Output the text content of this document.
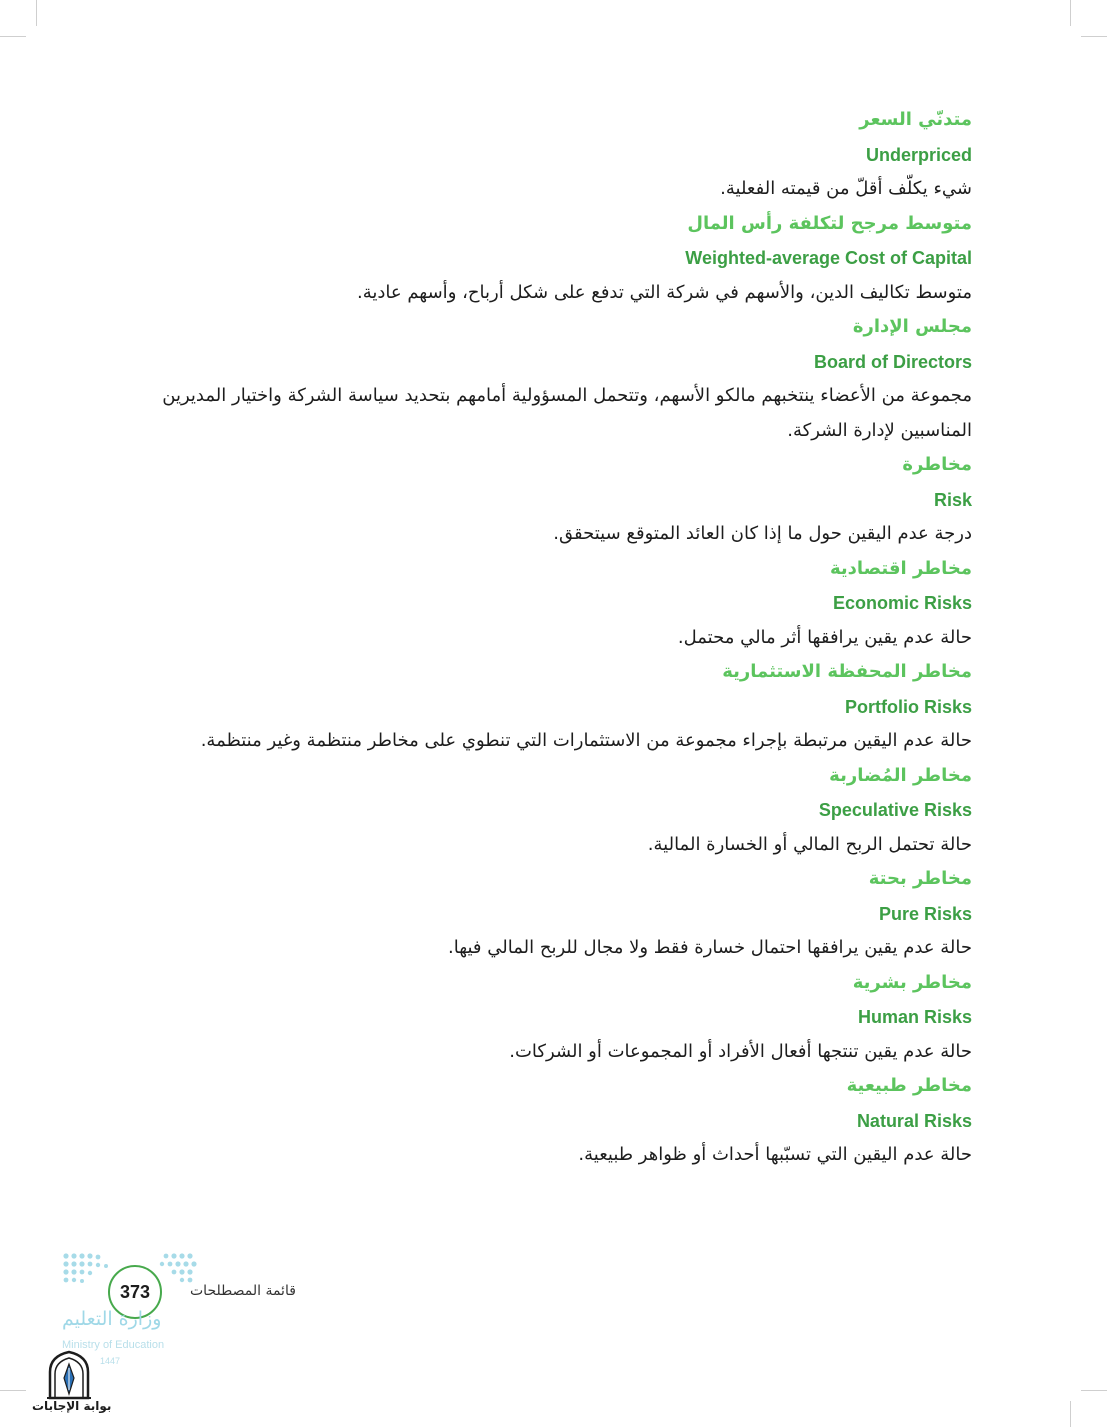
متدنّي السعر
Underpriced
شيء يكلّف أقلّ من قيمته الفعلية.
متوسط مرجح لتكلفة رأس المال
Weighted-average Cost of Capital
متوسط تكاليف الدين، والأسهم في شركة التي تدفع على شكل أرباح، وأسهم عادية.
مجلس الإدارة
Board of Directors
مجموعة من الأعضاء ينتخبهم مالكو الأسهم، وتتحمل المسؤولية أمامهم بتحديد سياسة الشركة واختيار المديرين المناسبين لإدارة الشركة.
مخاطرة
Risk
درجة عدم اليقين حول ما إذا كان العائد المتوقع سيتحقق.
مخاطر اقتصادية
Economic Risks
حالة عدم يقين يرافقها أثر مالي محتمل.
مخاطر المحفظة الاستثمارية
Portfolio Risks
حالة عدم اليقين مرتبطة بإجراء مجموعة من الاستثمارات التي تنطوي على مخاطر منتظمة وغير منتظمة.
مخاطر المُضاربة
Speculative Risks
حالة تحتمل الربح المالي أو الخسارة المالية.
مخاطر بحتة
Pure Risks
حالة عدم يقين يرافقها احتمال خسارة فقط ولا مجال للربح المالي فيها.
مخاطر بشرية
Human Risks
حالة عدم يقين تنتجها أفعال الأفراد أو المجموعات أو الشركات.
مخاطر طبيعية
Natural Risks
حالة عدم اليقين التي تسبّبها أحداث أو ظواهر طبيعية.
373	قائمة المصطلحات
وزارة التعليم
Ministry of Education
1447
بوابة الإجابات
